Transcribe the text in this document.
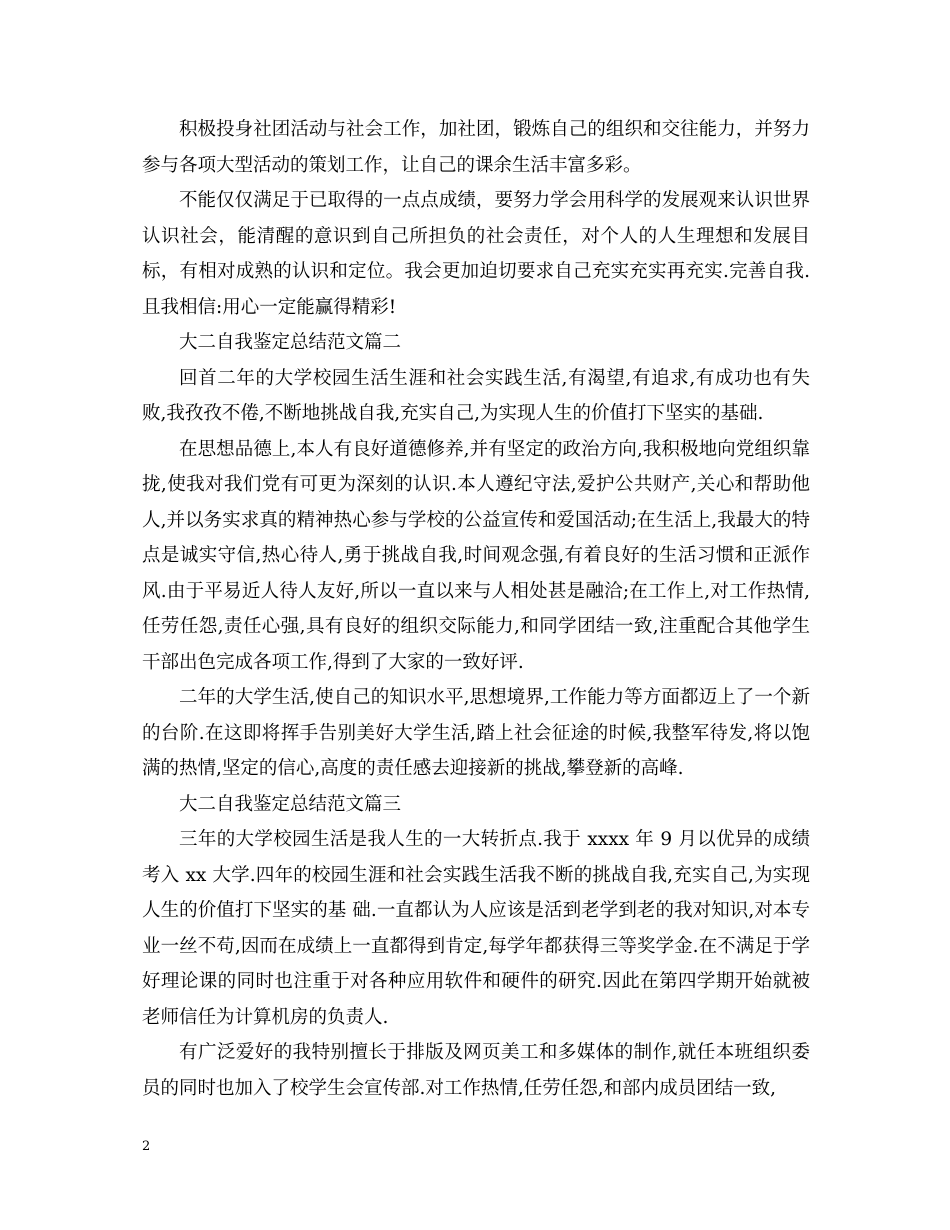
积极投身社团活动与社会工作，加社团，锻炼自己的组织和交往能力，并努力参与各项大型活动的策划工作，让自己的课余生活丰富多彩。

不能仅仅满足于已取得的一点点成绩，要努力学会用科学的发展观来认识世界认识社会，能清醒的意识到自己所担负的社会责任，对个人的人生理想和发展目标，有相对成熟的认识和定位。我会更加迫切要求自己充实充实再充实.完善自我.且我相信:用心一定能赢得精彩!

大二自我鉴定总结范文篇二

回首二年的大学校园生活生涯和社会实践生活,有渴望,有追求,有成功也有失败,我孜孜不倦,不断地挑战自我,充实自己,为实现人生的价值打下坚实的基础.

在思想品德上,本人有良好道德修养,并有坚定的政治方向,我积极地向党组织靠拢,使我对我们党有可更为深刻的认识.本人遵纪守法,爱护公共财产,关心和帮助他人,并以务实求真的精神热心参与学校的公益宣传和爱国活动;在生活上,我最大的特点是诚实守信,热心待人,勇于挑战自我,时间观念强,有着良好的生活习惯和正派作风.由于平易近人待人友好,所以一直以来与人相处甚是融洽;在工作上,对工作热情,任劳任怨,责任心强,具有良好的组织交际能力,和同学团结一致,注重配合其他学生干部出色完成各项工作,得到了大家的一致好评.

二年的大学生活,使自己的知识水平,思想境界,工作能力等方面都迈上了一个新的台阶.在这即将挥手告别美好大学生活,踏上社会征途的时候,我整军待发,将以饱满的热情,坚定的信心,高度的责任感去迎接新的挑战,攀登新的高峰.

大二自我鉴定总结范文篇三

三年的大学校园生活是我人生的一大转折点.我于 xxxx 年 9 月以优异的成绩考入 xx 大学.四年的校园生涯和社会实践生活我不断的挑战自我,充实自己,为实现人生的价值打下坚实的基 础.一直都认为人应该是活到老学到老的我对知识,对本专业一丝不苟,因而在成绩上一直都得到肯定,每学年都获得三等奖学金.在不满足于学好理论课的同时也注重于对各种应用软件和硬件的研究.因此在第四学期开始就被老师信任为计算机房的负责人.

有广泛爱好的我特别擅长于排版及网页美工和多媒体的制作,就任本班组织委员的同时也加入了校学生会宣传部.对工作热情,任劳任怨,和部内成员团结一致,

2
